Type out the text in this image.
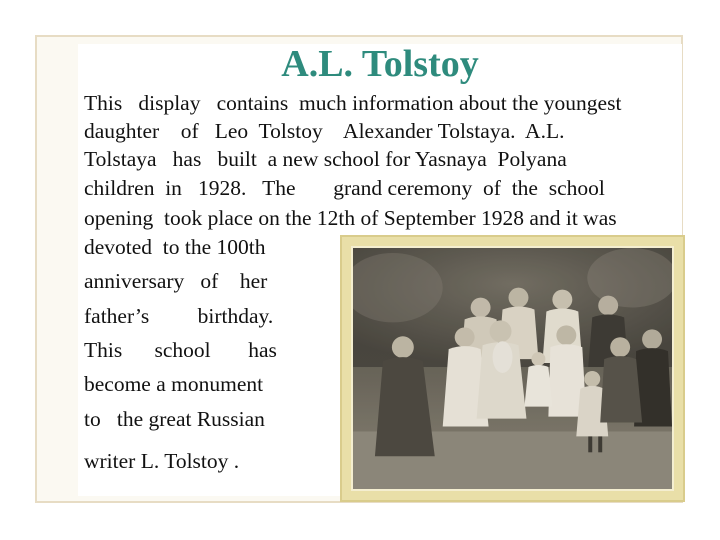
A.L. Tolstoy
This   display   contains  much information about the youngest
daughter    of   Leo  Tolstoy    Alexander Tolstaya.  A.L.
Tolstaya   has   built  a new school for Yasnaya  Polyana
children  in   1928.   The       grand ceremony  of  the  school
opening  took place on the 12th of September 1928 and it was
devoted  to the 100th
anniversary   of    her
father’s         birthday.
This      school       has
become a monument
to   the great Russian
writer L. Tolstoy .
